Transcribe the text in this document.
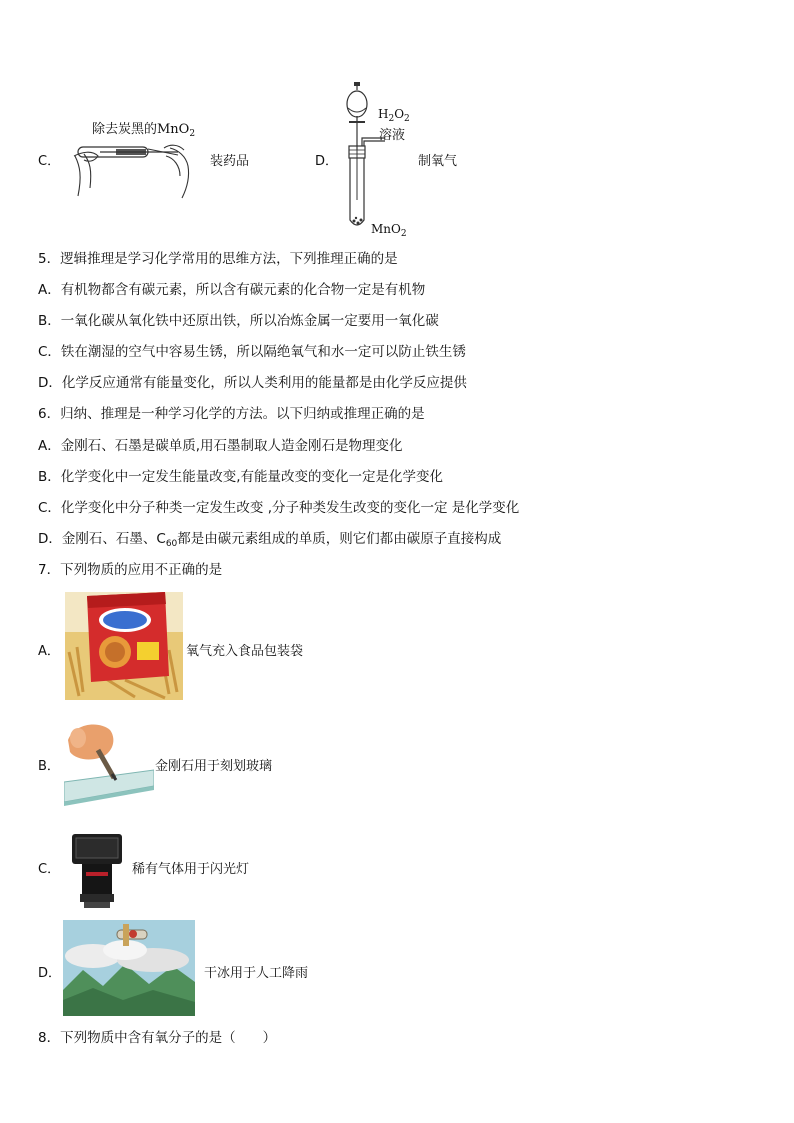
C．
除去炭黑的MnO$_2$
装药品	D．
$H_2O_2$
溶液
MnO$_2$
制氧气
5．逻辑推理是学习化学常用的思维方法，下列推理正确的是
A．有机物都含有碳元素，所以含有碳元素的化合物一定是有机物
B．一氧化碳从氧化铁中还原出铁，所以冶炼金属一定要用一氧化碳
C．铁在潮湿的空气中容易生锈，所以隔绝氧气和水一定可以防止铁生锈
D．化学反应通常有能量变化，所以人类利用的能量都是由化学反应提供
6．归纳、推理是一种学习化学的方法。以下归纳或推理正确的是
A．金刚石、石墨是碳单质,用石墨制取人造金刚石是物理变化
B．化学变化中一定发生能量改变,有能量改变的变化一定是化学变化
C．化学变化中分子种类一定发生改变 ,分子种类发生改变的变化一定 是化学变化
D．金刚石、石墨、$C_{60}$都是由碳元素组成的单质，则它们都由碳原子直接构成
7．下列物质的应用不正确的是
A．	氧气充入食品包装袋
B．	金刚石用于刻划玻璃
C．	稀有气体用于闪光灯
D．	干冰用于人工降雨
8．下列物质中含有氧分子的是（　　）
